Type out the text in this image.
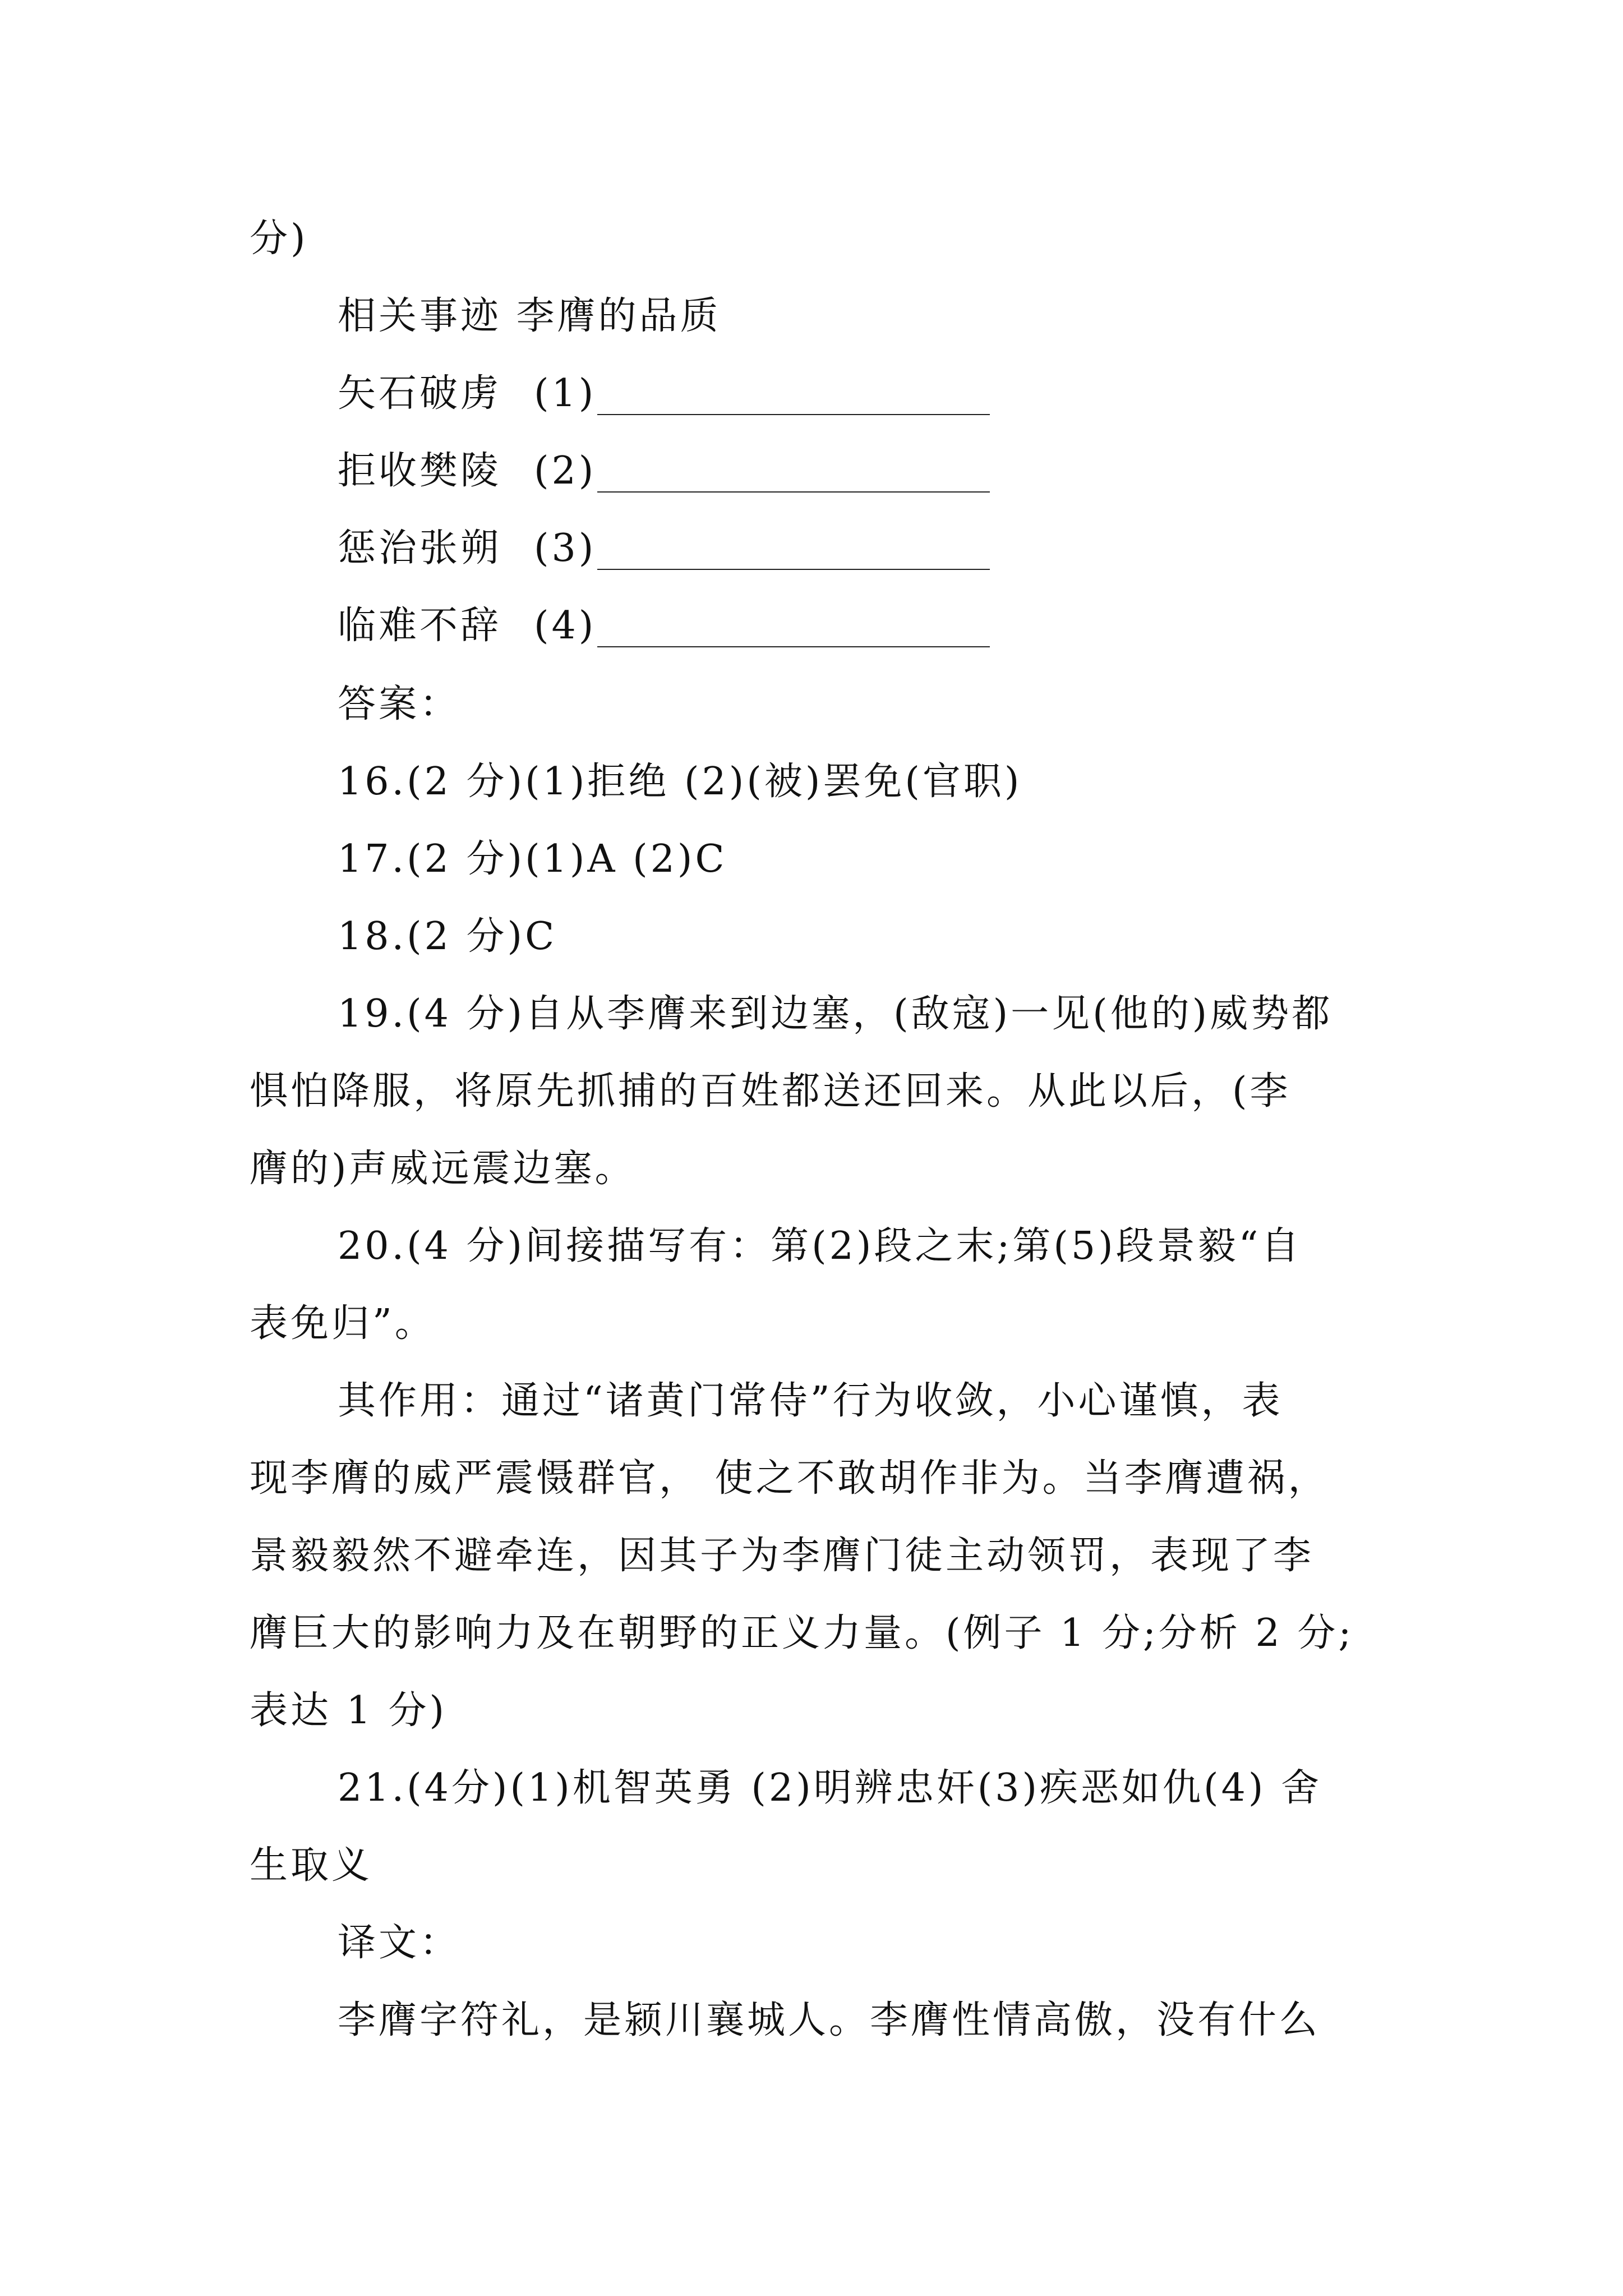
分)
相关事迹 李膺的品质
矢石破虏 (1)
拒收樊陵 (2)
惩治张朔 (3)
临难不辞 (4)
答案：
16.(2 分)(1)拒绝 (2)(被)罢免(官职)
17.(2 分)(1)A (2)C
18.(2 分)C
19.(4 分)自从李膺来到边塞，(敌寇)一见(他的)威势都
惧怕降服，将原先抓捕的百姓都送还回来。从此以后，(李
膺的)声威远震边塞。
20.(4 分)间接描写有：第(2)段之末;第(5)段景毅“自
表免归”。
其作用：通过“诸黄门常侍”行为收敛，小心谨慎，表
现李膺的威严震慑群官， 使之不敢胡作非为。当李膺遭祸，
景毅毅然不避牵连，因其子为李膺门徒主动领罚，表现了李
膺巨大的影响力及在朝野的正义力量。(例子 1 分;分析 2 分;
表达 1 分)
21.(4分)(1)机智英勇 (2)明辨忠奸(3)疾恶如仇(4) 舍
生取义
译文：
李膺字符礼，是颍川襄城人。李膺性情高傲，没有什么
